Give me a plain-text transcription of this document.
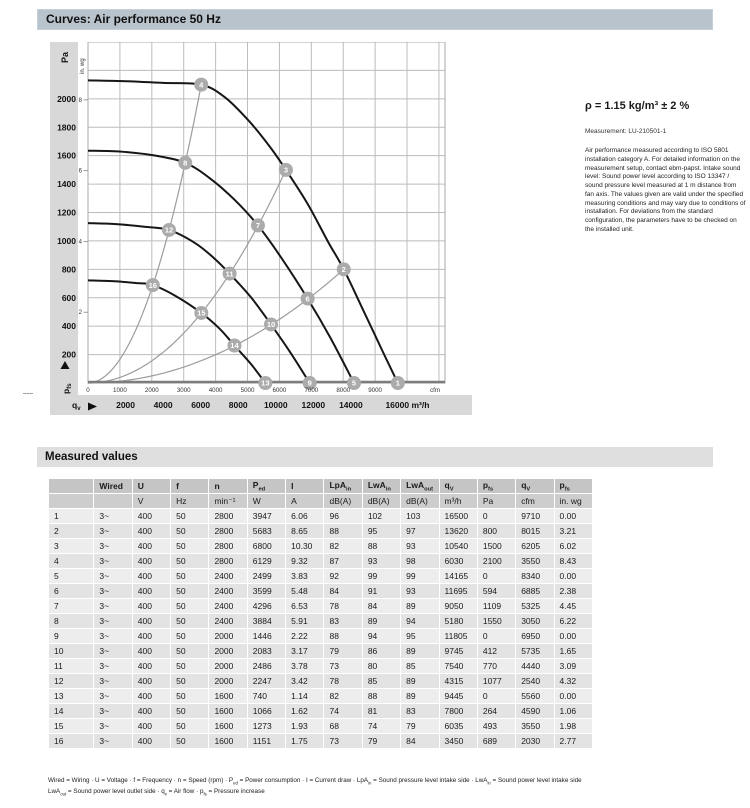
Curves: Air performance 50 Hz
1
2
3
4
5
6
7
8
9
10
11
12
13
14
15
16
200
400
600
800
1000
1200
1400
1600
1800
2000
Pa
2
4
6
8
in. wg
$p_{fs}$
0	1000	2000	3000	4000	5000	6000	7000	8000	9000	cfm
2000 4000 6000 8000 10000 12000 14000	16000 m³/h
$q_v$

ρ = 1.15 kg/m³ ± 2 %

Measurement: LU-210501-1

Air performance measured according to ISO 5801 installation category A. For detailed information on the measurement setup, contact ebm-papst. Intake sound level: Sound power level according to ISO 13347 / sound pressure level measured at 1 m distance from fan axis. The values given are valid under the specified measuring conditions and may vary due to conditions of installation. For deviations from the standard configuration, the parameters have to be checked on the installed unit.

Measured values
	Wired	U	f	n	$P_{ed}$	I	LpA$_{in}$	LwA$_{in}$	LwA$_{out}$	$q_V$	$p_{fs}$	$q_V$	$p_{fs}$
		V	Hz	min⁻¹	W	A	dB(A)	dB(A)	dB(A)	m³/h	Pa	cfm	in. wg
1	3~	400	50	2800	3947	6.06	96	102	103	16500	0	9710	0.00
2	3~	400	50	2800	5683	8.65	88	95	97	13620	800	8015	3.21
3	3~	400	50	2800	6800	10.30	82	88	93	10540	1500	6205	6.02
4	3~	400	50	2800	6129	9.32	87	93	98	6030	2100	3550	8.43
5	3~	400	50	2400	2499	3.83	92	99	99	14165	0	8340	0.00
6	3~	400	50	2400	3599	5.48	84	91	93	11695	594	6885	2.38
7	3~	400	50	2400	4296	6.53	78	84	89	9050	1109	5325	4.45
8	3~	400	50	2400	3884	5.91	83	89	94	5180	1550	3050	6.22
9	3~	400	50	2000	1446	2.22	88	94	95	11805	0	6950	0.00
10	3~	400	50	2000	2083	3.17	79	86	89	9745	412	5735	1.65
11	3~	400	50	2000	2486	3.78	73	80	85	7540	770	4440	3.09
12	3~	400	50	2000	2247	3.42	78	85	89	4315	1077	2540	4.32
13	3~	400	50	1600	740	1.14	82	88	89	9445	0	5560	0.00
14	3~	400	50	1600	1066	1.62	74	81	83	7800	264	4590	1.06
15	3~	400	50	1600	1273	1.93	68	74	79	6035	493	3550	1.98
16	3~	400	50	1600	1151	1.75	73	79	84	3450	689	2030	2.77
Wired = Wiring · U = Voltage · f = Frequency · n = Speed $(rpm) \cdot P_{ed}$ = Power consumption · I = Current draw · LpA$_{in}$ = Sound pressure level intake side · LwA$_{in}$ = Sound power level intake side
LwA$_{out}$ = Sound power level outlet side · $q_v$ = Air flow · $p_{fs}$ = Pressure increase
